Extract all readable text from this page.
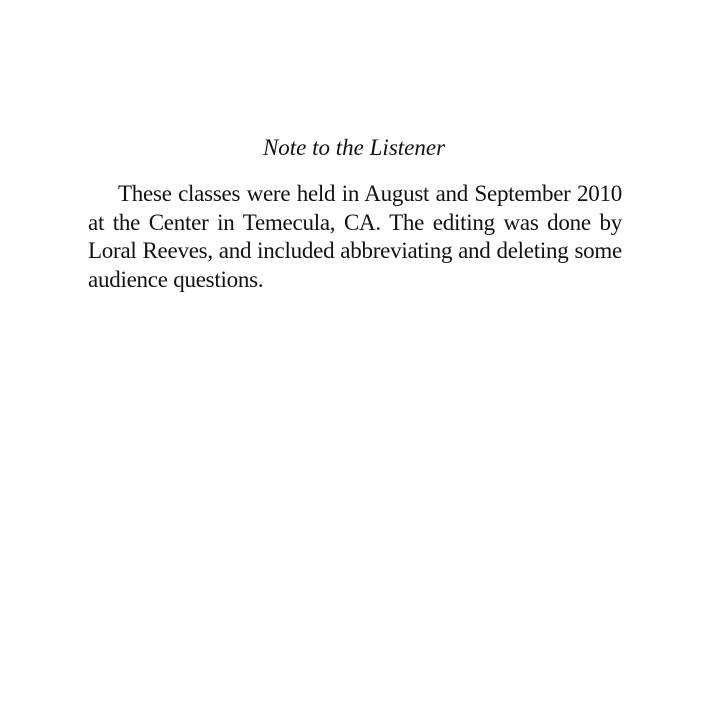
Note to the Listener

These classes were held in August and September 2010 at the Center in Temecula, CA. The editing was done by Loral Reeves, and included abbreviating and deleting some audience questions.
